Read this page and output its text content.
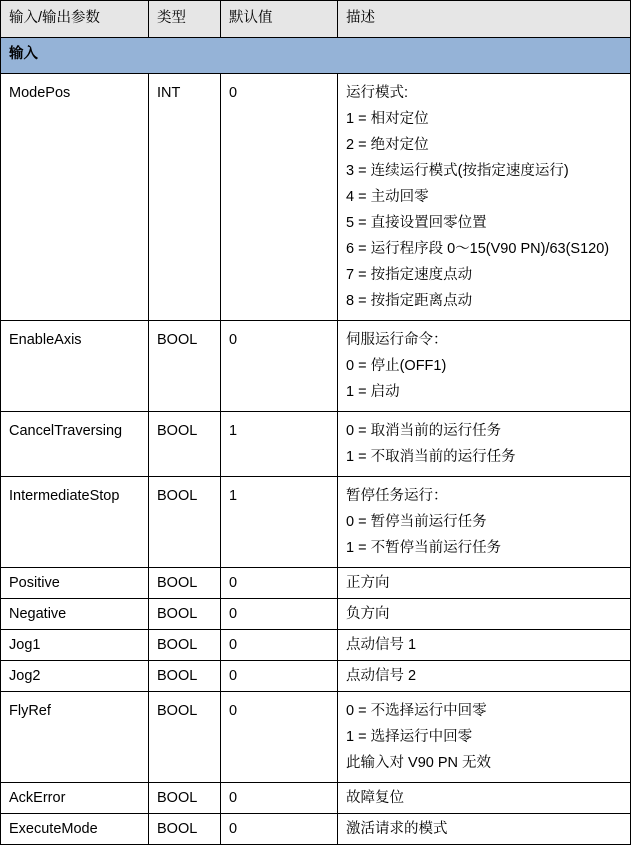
输入/输出参数	类型	默认值	描述
输入			
ModePos	INT	0	运行模式:
1 = 相对定位
2 = 绝对定位
3 = 连续运行模式(按指定速度运行)
4 = 主动回零
5 = 直接设置回零位置
6 = 运行程序段 0～15(V90 PN)/63(S120)
7 = 按指定速度点动
8 = 按指定距离点动

EnableAxis	BOOL	0	伺服运行命令：
0 = 停止(OFF1)
1 = 启动

CancelTraversing	BOOL	1	0 = 取消当前的运行任务
1 = 不取消当前的运行任务

IntermediateStop	BOOL	1	暂停任务运行：
0 = 暂停当前运行任务
1 = 不暂停当前运行任务

Positive	BOOL	0	正方向

Negative	BOOL	0	负方向

Jog1	BOOL	0	点动信号 1

Jog2	BOOL	0	点动信号 2

FlyRef	BOOL	0	0 = 不选择运行中回零
1 = 选择运行中回零
此输入对 V90 PN 无效

AckError	BOOL	0	故障复位

ExecuteMode	BOOL	0	激活请求的模式
